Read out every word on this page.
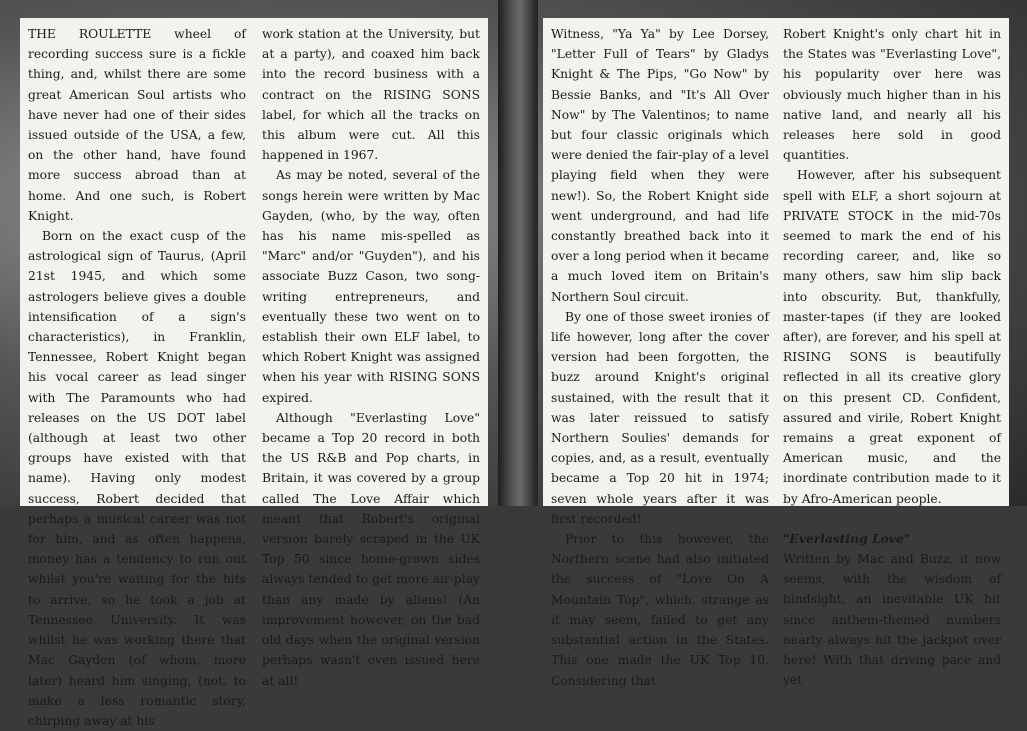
THE ROULETTE wheel of recording success sure is a fickle thing, and, whilst there are some great American Soul artists who have never had one of their sides issued outside of the USA, a few, on the other hand, have found more success abroad than at home. And one such, is Robert Knight.

Born on the exact cusp of the astrological sign of Taurus, (April 21st 1945, and which some astrologers believe gives a double intensification of a sign's characteristics), in Franklin, Tennessee, Robert Knight began his vocal career as lead singer with The Paramounts who had releases on the US DOT label (although at least two other groups have existed with that name). Having only modest success, Robert decided that perhaps a musical career was not for him, and as often happens, money has a tendency to run out whilst you're waiting for the hits to arrive, so he took a job at Tennessee University. It was whilst he was working there that Mac Gayden (of whom, more later) heard him singing, (not, to make a less romantic story, chirping away at his

work station at the University, but at a party), and coaxed him back into the record business with a contract on the RISING SONS label, for which all the tracks on this album were cut. All this happened in 1967.

As may be noted, several of the songs herein were written by Mac Gayden, (who, by the way, often has his name mis-spelled as "Marc" and/or "Guyden"), and his associate Buzz Cason, two song-writing entrepreneurs, and eventually these two went on to establish their own ELF label, to which Robert Knight was assigned when his year with RISING SONS expired.

Although "Everlasting Love" became a Top 20 record in both the US R&B and Pop charts, in Britain, it was covered by a group called The Love Affair which meant that Robert's original version barely scraped in the UK Top 50 since home-grown sides always tended to get more air-play than any made by aliens! (An improvement however, on the bad old days when the original version perhaps wasn't even issued here at all!

Witness, "Ya Ya" by Lee Dorsey, "Letter Full of Tears" by Gladys Knight & The Pips, "Go Now" by Bessie Banks, and "It's All Over Now" by The Valentinos; to name but four classic originals which were denied the fair-play of a level playing field when they were new!). So, the Robert Knight side went underground, and had life constantly breathed back into it over a long period when it became a much loved item on Britain's Northern Soul circuit.

By one of those sweet ironies of life however, long after the cover version had been forgotten, the buzz around Knight's original sustained, with the result that it was later reissued to satisfy Northern Soulies' demands for copies, and, as a result, eventually became a Top 20 hit in 1974; seven whole years after it was first recorded!

Prior to this however, the Northern scene had also initiated the success of "Love On A Mountain Top", which, strange as it may seem, failed to get any substantial action in the States. This one made the UK Top 10. Considering that

Robert Knight's only chart hit in the States was "Everlasting Love", his popularity over here was obviously much higher than in his native land, and nearly all his releases here sold in good quantities.

However, after his subsequent spell with ELF, a short sojourn at PRIVATE STOCK in the mid-70s seemed to mark the end of his recording career, and, like so many others, saw him slip back into obscurity. But, thankfully, master-tapes (if they are looked after), are forever, and his spell at RISING SONS is beautifully reflected in all its creative glory on this present CD. Confident, assured and virile, Robert Knight remains a great exponent of American music, and the inordinate contribution made to it by Afro-American people.

"Everlasting Love"

Written by Mac and Buzz, it now seems, with the wisdom of hindsight, an inevitable UK hit since anthem-themed numbers nearly always hit the jackpot over here! With that driving pace and yet
